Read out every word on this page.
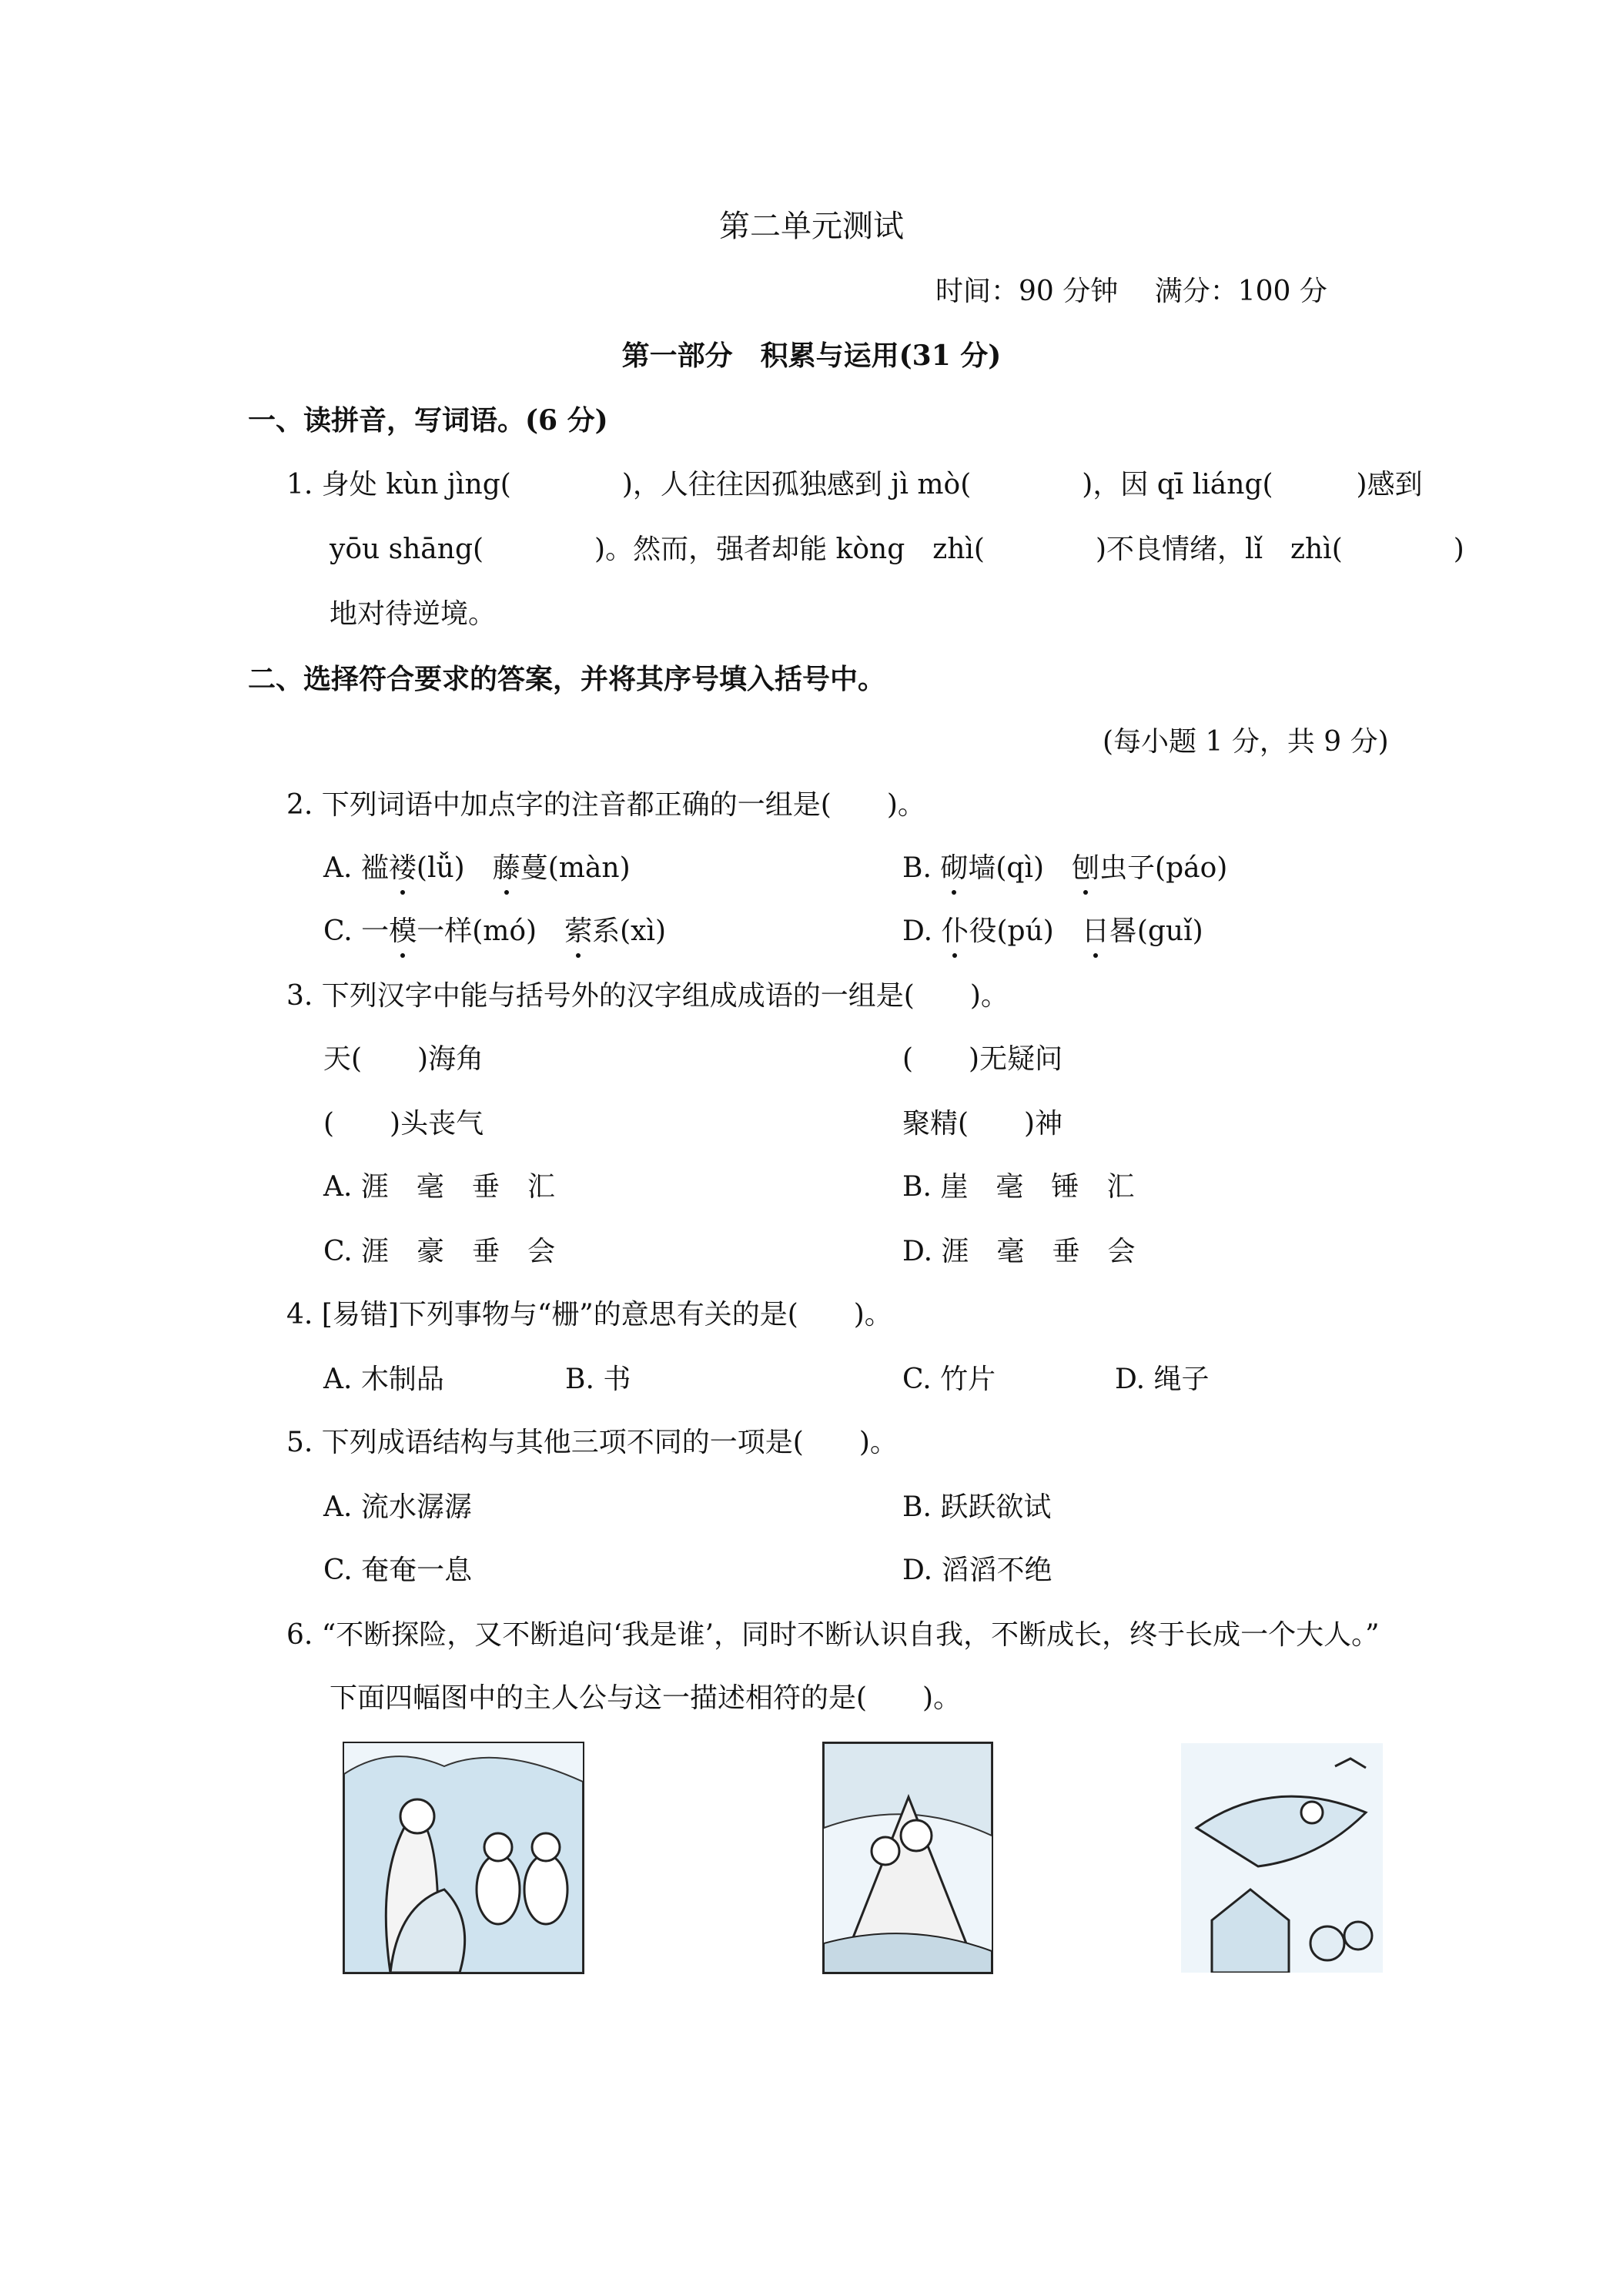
第二单元测试
时间：90 分钟　 满分：100 分
第一部分　积累与运用(31 分)
一、读拼音，写词语。(6 分)
1. 身处 kùn jìng(　　　　)，人往往因孤独感到 jì mò(　　　　)，因 qī liáng(　　　)感到
yōu shāng(　　　　)。然而，强者却能 kòng　zhì(　　　　)不良情绪，lǐ　zhì(　　　　)
地对待逆境。
二、选择符合要求的答案，并将其序号填入括号中。
(每小题 1 分，共 9 分)
2. 下列词语中加点字的注音都正确的一组是(　　)。
A. 褴褛(lǚ)　藤蔓(màn)	B. 砌墙(qì)　刨虫子(páo)
C. 一模一样(mó)　萦系(xì)	D. 仆役(pú)　日晷(guǐ)
3. 下列汉字中能与括号外的汉字组成成语的一组是(　　)。
天(　　)海角	(　　)无疑问
(　　)头丧气	聚精(　　)神
A. 涯　毫　垂　汇	B. 崖　毫　锤　汇
C. 涯　豪　垂　会	D. 涯　毫　垂　会
4. [易错]下列事物与“栅”的意思有关的是(　　)。
A. 木制品	B. 书	C. 竹片	D. 绳子
5. 下列成语结构与其他三项不同的一项是(　　)。
A. 流水潺潺	B. 跃跃欲试
C. 奄奄一息	D. 滔滔不绝
6. “不断探险，又不断追问‘我是谁’，同时不断认识自我，不断成长，终于长成一个大人。”
下面四幅图中的主人公与这一描述相符的是(　　)。
